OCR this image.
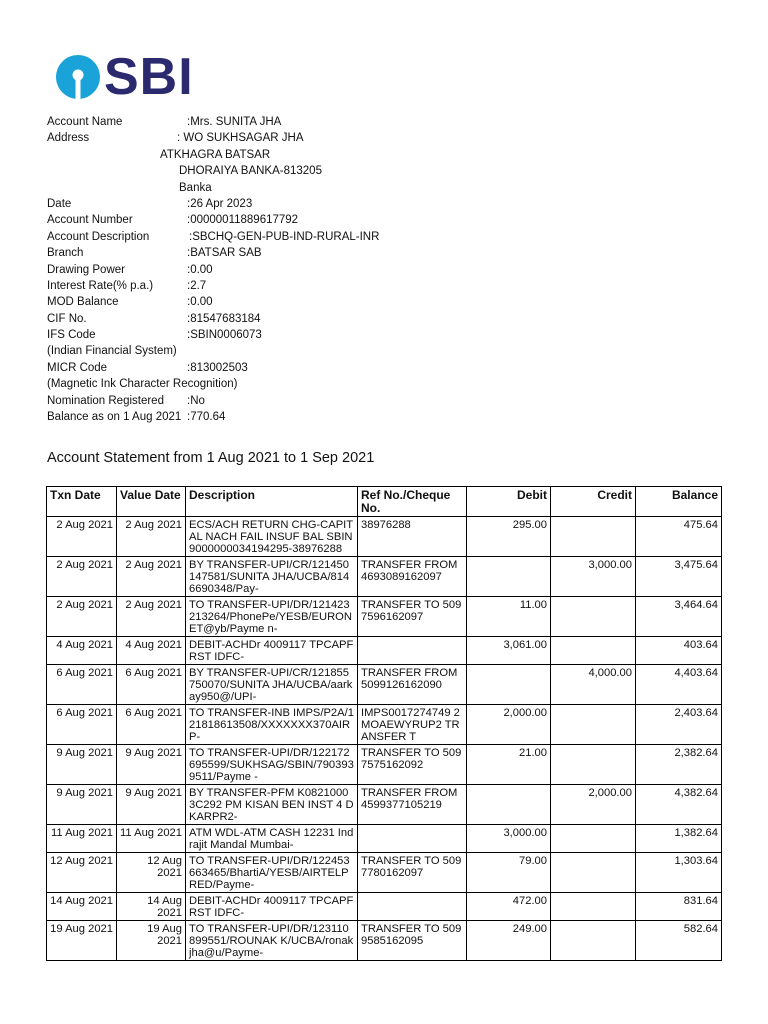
SBI
Account Name	:Mrs. SUNITA JHA
Address	: WO SUKHSAGAR JHA
ATKHAGRA BATSAR
DHORAIYA BANKA-813205
Banka
Date	:26 Apr 2023
Account Number	:00000011889617792
Account Description	:SBCHQ-GEN-PUB-IND-RURAL-INR
Branch	:BATSAR SAB
Drawing Power	:0.00
Interest Rate(% p.a.)	:2.7
MOD Balance	:0.00
CIF No.	:81547683184
IFS Code	:SBIN0006073
(Indian Financial System)
MICR Code	:813002503
(Magnetic Ink Character Recognition)
Nomination Registered :No
Balance as on 1 Aug 2021 :770.64
Account Statement from 1 Aug 2021 to 1 Sep 2021
Txn Date	Value Date	Description	Ref No./Cheque No.	Debit	Credit	Balance
2 Aug 2021	2 Aug 2021	ECS/ACH RETURN CHG-CAPITAL NACH FAIL INSUF BAL SBIN9000000034194295-38976288	38976288	295.00		475.64
2 Aug 2021	2 Aug 2021	BY TRANSFER-UPI/CR/121450147581/SUNITA JHA/UCBA/8146690348/Pay-	TRANSFER FROM 4693089162097		3,000.00	3,475.64
2 Aug 2021	2 Aug 2021	TO TRANSFER-UPI/DR/121423213264/PhonePe/YESB/EURONET@yb/Payme n-	TRANSFER TO 5097596162097	11.00		3,464.64
4 Aug 2021	4 Aug 2021	DEBIT-ACHDr 4009117 TPCAPFRST IDFC-		3,061.00		403.64
6 Aug 2021	6 Aug 2021	BY TRANSFER-UPI/CR/121855750070/SUNITA JHA/UCBA/aarkay950@/UPI-	TRANSFER FROM 5099126162090		4,000.00	4,403.64
6 Aug 2021	6 Aug 2021	TO TRANSFER-INB IMPS/P2A/121818613508/XXXXXXX370AIRP-	IMPS0017274749 2MOAEWYRUP2 TRANSFER T	2,000.00		2,403.64
9 Aug 2021	9 Aug 2021	TO TRANSFER-UPI/DR/122172695599/SUKHSAG/SBIN/7903939511/Payme -	TRANSFER TO 5097575162092	21.00		2,382.64
9 Aug 2021	9 Aug 2021	BY TRANSFER-PFM K08210003C292 PM KISAN BEN INST 4 DKARPR2-	TRANSFER FROM 4599377105219		2,000.00	4,382.64
11 Aug 2021	11 Aug 2021	ATM WDL-ATM CASH 12231 Indrajit Mandal Mumbai-		3,000.00		1,382.64
12 Aug 2021	12 Aug 2021	TO TRANSFER-UPI/DR/122453663465/BhartiA/YESB/AIRTELPRED/Payme-	TRANSFER TO 5097780162097	79.00		1,303.64
14 Aug 2021	14 Aug 2021	DEBIT-ACHDr 4009117 TPCAPFRST IDFC-		472.00		831.64
19 Aug 2021	19 Aug 2021	TO TRANSFER-UPI/DR/123110899551/ROUNAK K/UCBA/ronakjha@u/Payme-	TRANSFER TO 5099585162095	249.00		582.64
